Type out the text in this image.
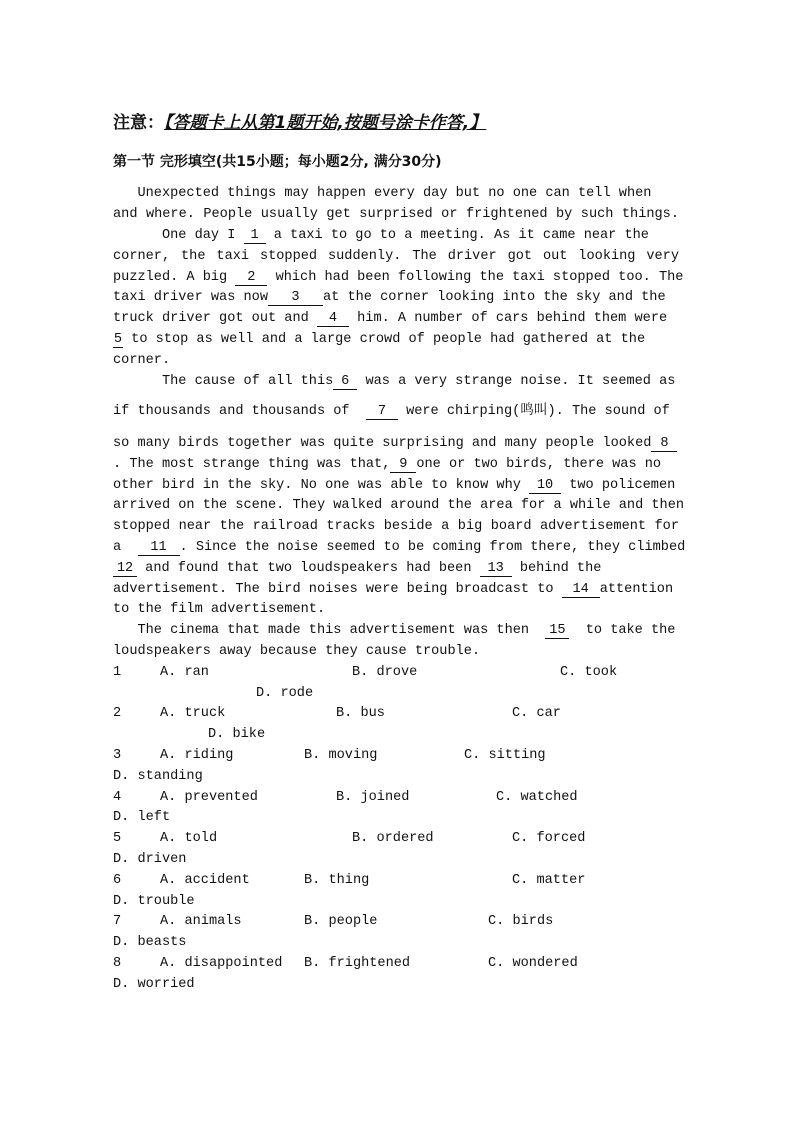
注意：【答题卡上从第1题开始,按题号涂卡作答,】
第一节 完形填空(共15小题；每小题2分, 满分30分)
Unexpected things may happen every day but no one can tell when
and where. People usually get surprised or frightened by such things.
One day I 1 a taxi to go to a meeting. As it came near the
corner, the taxi stopped suddenly. The driver got out looking very
puzzled. A big 2 which had been following the taxi stopped too. The
taxi driver was now 3 at the corner looking into the sky and the
truck driver got out and 4 him. A number of cars behind them were
5 to stop as well and a large crowd of people had gathered at the
corner.
The cause of all this 6 was a very strange noise. It seemed as
if thousands and thousands of 7 were chirping(鸣叫). The sound of
so many birds together was quite surprising and many people looked 8
. The most strange thing was that, 9 one or two birds, there was no
other bird in the sky. No one was able to know why 10 two policemen
arrived on the scene. They walked around the area for a while and then
stopped near the railroad tracks beside a big board advertisement for
a 11 . Since the noise seemed to be coming from there, they climbed
12 and found that two loudspeakers had been 13 behind the
advertisement. The bird noises were being broadcast to 14 attention
to the film advertisement.
The cinema that made this advertisement was then 15 to take the
loudspeakers away because they cause trouble.
1	A. ran	B. drove	C. took
D. rode
2	A. truck	B. bus	C. car
D. bike
3	A. riding	B. moving	C. sitting
D. standing
4	A. prevented	B. joined	C. watched
D. left
5	A. told	B. ordered	C. forced
D. driven
6	A. accident	B. thing	C. matter
D. trouble
7	A. animals	B. people	C. birds
D. beasts
8	A. disappointed B. frightened	C. wondered
D. worried
